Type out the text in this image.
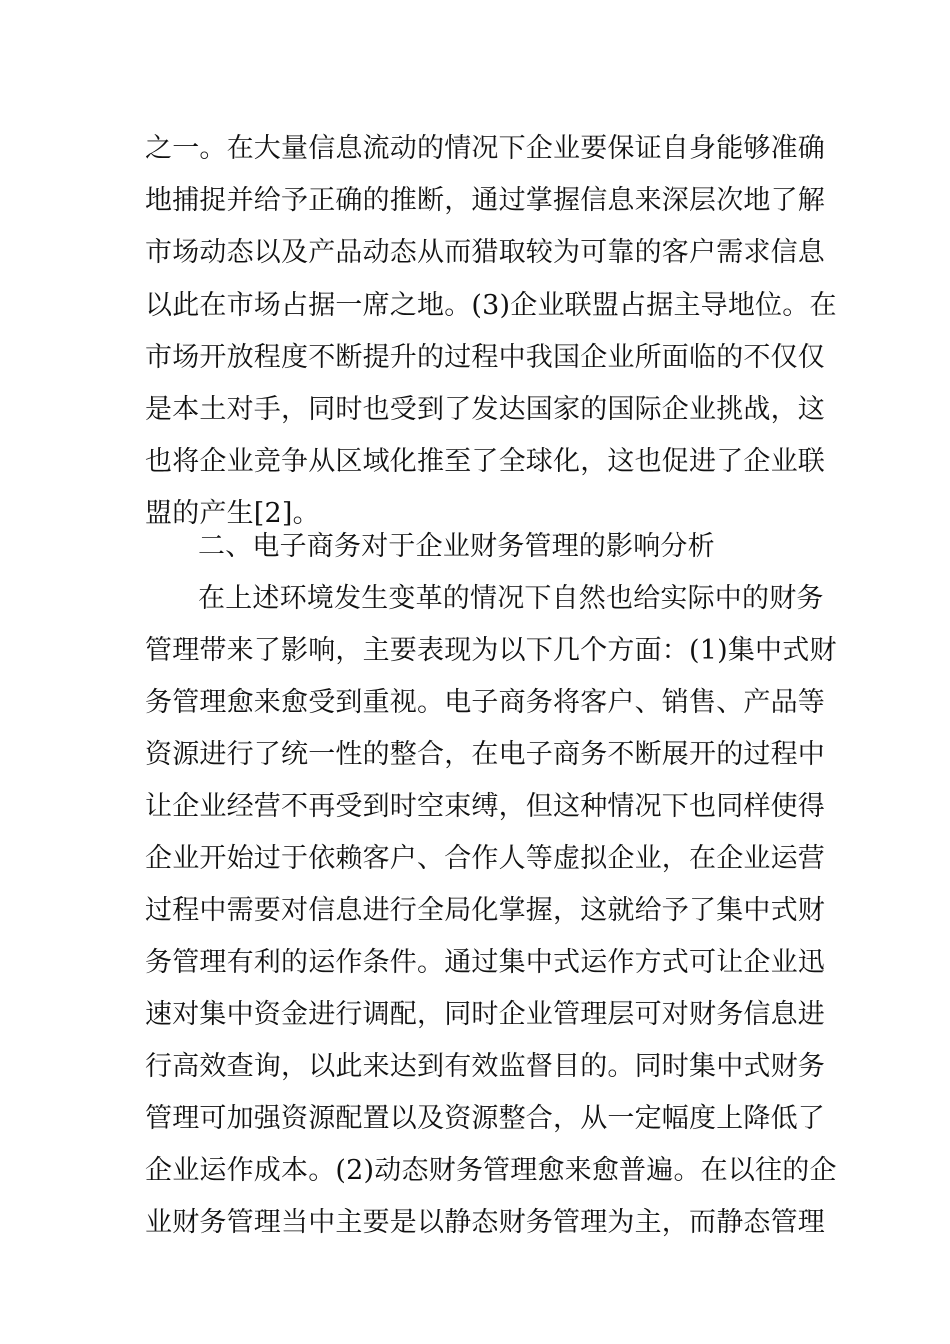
之一。在大量信息流动的情况下企业要保证自身能够准确
地捕捉并给予正确的推断，通过掌握信息来深层次地了解
市场动态以及产品动态从而猎取较为可靠的客户需求信息
以此在市场占据一席之地。(3)企业联盟占据主导地位。在
市场开放程度不断提升的过程中我国企业所面临的不仅仅
是本土对手，同时也受到了发达国家的国际企业挑战，这
也将企业竞争从区域化推至了全球化，这也促进了企业联
盟的产生[2]。
二、电子商务对于企业财务管理的影响分析
在上述环境发生变革的情况下自然也给实际中的财务
管理带来了影响，主要表现为以下几个方面：(1)集中式财
务管理愈来愈受到重视。电子商务将客户、销售、产品等
资源进行了统一性的整合，在电子商务不断展开的过程中
让企业经营不再受到时空束缚，但这种情况下也同样使得
企业开始过于依赖客户、合作人等虚拟企业，在企业运营
过程中需要对信息进行全局化掌握，这就给予了集中式财
务管理有利的运作条件。通过集中式运作方式可让企业迅
速对集中资金进行调配，同时企业管理层可对财务信息进
行高效查询，以此来达到有效监督目的。同时集中式财务
管理可加强资源配置以及资源整合，从一定幅度上降低了
企业运作成本。(2)动态财务管理愈来愈普遍。在以往的企
业财务管理当中主要是以静态财务管理为主，而静态管理
